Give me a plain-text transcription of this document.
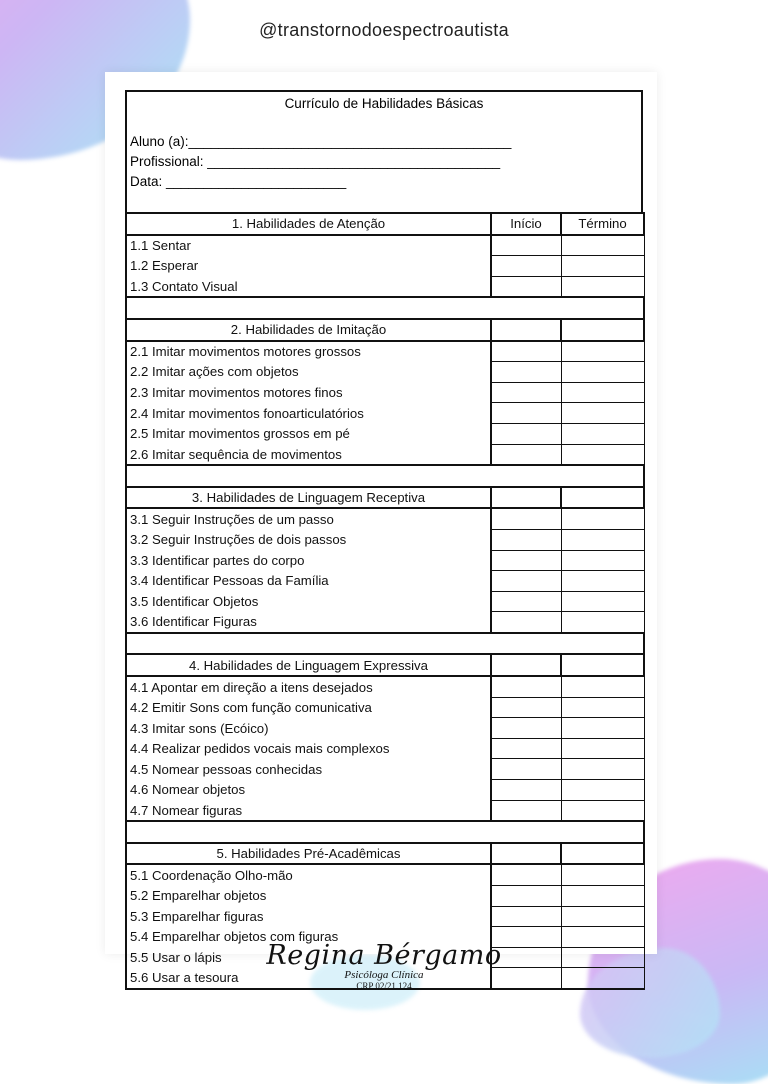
@transtornodoespectroautista
Currículo de Habilidades Básicas
Aluno (a):___________________________________________
Profissional: _______________________________________
Data: ________________________
1. Habilidades de Atenção	Início	Término
1.1 Sentar		
1.2 Esperar		
1.3 Contato Visual		

2. Habilidades de Imitação		
2.1 Imitar movimentos motores grossos		
2.2 Imitar ações com objetos		
2.3 Imitar movimentos motores finos		
2.4 Imitar movimentos fonoarticulatórios		
2.5 Imitar movimentos grossos em pé		
2.6 Imitar sequência de movimentos		

3. Habilidades de Linguagem Receptiva		
3.1 Seguir Instruções de um passo		
3.2 Seguir Instruções de dois passos		
3.3 Identificar partes do corpo		
3.4 Identificar Pessoas da Família		
3.5 Identificar Objetos		
3.6 Identificar Figuras		

4. Habilidades de Linguagem Expressiva		
4.1 Apontar em direção a itens desejados		
4.2 Emitir Sons com função comunicativa		
4.3 Imitar sons (Ecóico)		
4.4 Realizar pedidos vocais mais complexos		
4.5 Nomear pessoas conhecidas		
4.6 Nomear objetos		
4.7 Nomear figuras		

5. Habilidades Pré-Acadêmicas		
5.1 Coordenação Olho-mão		
5.2 Emparelhar objetos		
5.3 Emparelhar figuras		
5.4 Emparelhar objetos com figuras		
5.5 Usar o lápis		
5.6 Usar a tesoura		
Regina Bérgamo
Psicóloga Clínica
CRP 02/21.124
